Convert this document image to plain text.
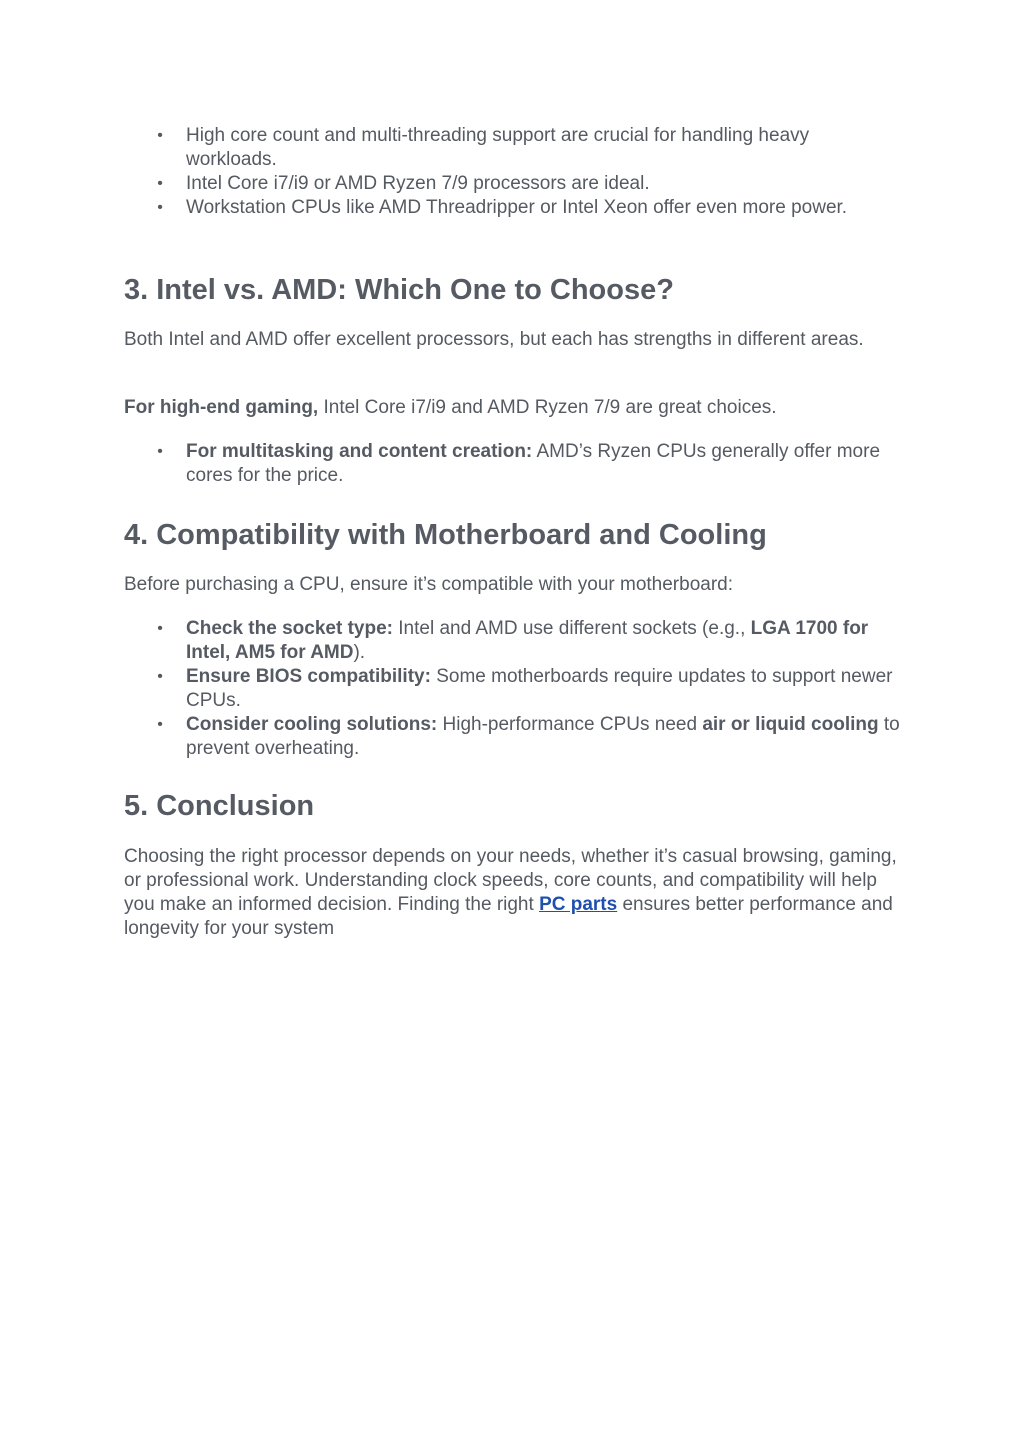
• High core count and multi-threading support are crucial for handling heavy workloads.
• Intel Core i7/i9 or AMD Ryzen 7/9 processors are ideal.
• Workstation CPUs like AMD Threadripper or Intel Xeon offer even more power.
3. Intel vs. AMD: Which One to Choose?

Both Intel and AMD offer excellent processors, but each has strengths in different areas.

For high-end gaming, Intel Core i7/i9 and AMD Ryzen 7/9 are great choices.

• For multitasking and content creation: AMD’s Ryzen CPUs generally offer more cores for the price.
4. Compatibility with Motherboard and Cooling

Before purchasing a CPU, ensure it’s compatible with your motherboard:

• Check the socket type: Intel and AMD use different sockets (e.g., LGA 1700 for Intel, AM5 for AMD).
• Ensure BIOS compatibility: Some motherboards require updates to support newer CPUs.
• Consider cooling solutions: High-performance CPUs need air or liquid cooling to prevent overheating.
5. Conclusion

Choosing the right processor depends on your needs, whether it’s casual browsing, gaming, or professional work. Understanding clock speeds, core counts, and compatibility will help you make an informed decision. Finding the right PC parts ensures better performance and longevity for your system
